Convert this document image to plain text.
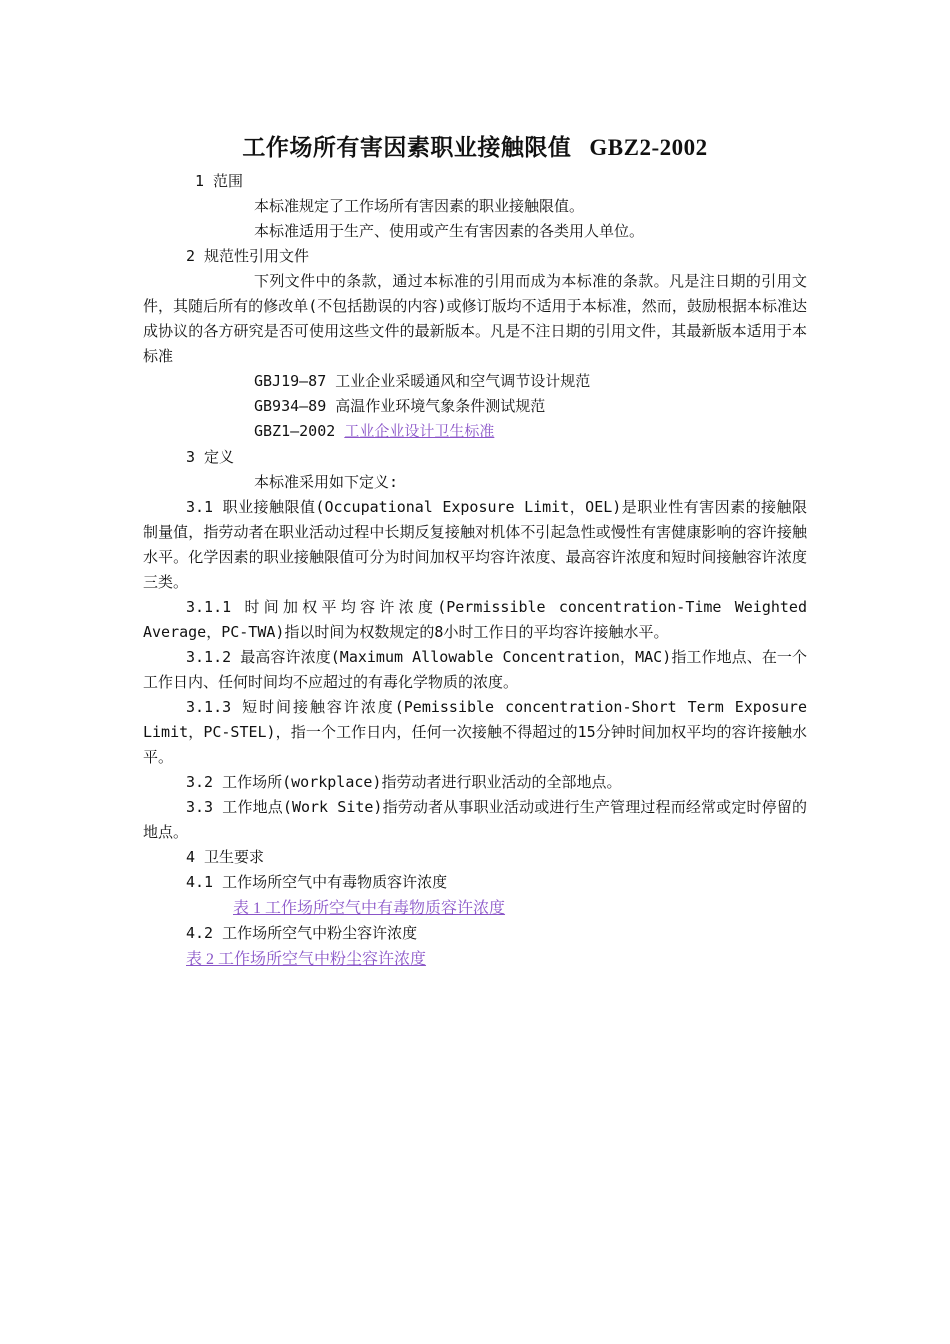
工作场所有害因素职业接触限值 GBZ2-2002

1 范围

本标准规定了工作场所有害因素的职业接触限值。

本标准适用于生产、使用或产生有害因素的各类用人单位。

2 规范性引用文件

下列文件中的条款，通过本标准的引用而成为本标准的条款。凡是注日期的引用文件，其随后所有的修改单(不包括勘误的内容)或修订版均不适用于本标准，然而，鼓励根据本标准达成协议的各方研究是否可使用这些文件的最新版本。凡是不注日期的引用文件，其最新版本适用于本标准

GBJ19—87 工业企业采暖通风和空气调节设计规范

GB934—89 高温作业环境气象条件测试规范

GBZ1—2002 工业企业设计卫生标准

3 定义

本标准采用如下定义:

3.1 职业接触限值(Occupational Exposure Limit，OEL)是职业性有害因素的接触限制量值，指劳动者在职业活动过程中长期反复接触对机体不引起急性或慢性有害健康影响的容许接触水平。化学因素的职业接触限值可分为时间加权平均容许浓度、最高容许浓度和短时间接触容许浓度三类。

3.1.1 时间加权平均容许浓度(Permissible concentration-Time Weighted Average，PC-TWA)指以时间为权数规定的8小时工作日的平均容许接触水平。

3.1.2 最高容许浓度(Maximum Allowable Concentration，MAC)指工作地点、在一个工作日内、任何时间均不应超过的有毒化学物质的浓度。

3.1.3 短时间接触容许浓度(Pemissible concentration-Short Term Exposure Limit，PC-STEL)，指一个工作日内，任何一次接触不得超过的15分钟时间加权平均的容许接触水平。

3.2 工作场所(workplace)指劳动者进行职业活动的全部地点。

3.3 工作地点(Work Site)指劳动者从事职业活动或进行生产管理过程而经常或定时停留的地点。

4 卫生要求

4.1 工作场所空气中有毒物质容许浓度

表 1 工作场所空气中有毒物质容许浓度

4.2 工作场所空气中粉尘容许浓度

表 2 工作场所空气中粉尘容许浓度
